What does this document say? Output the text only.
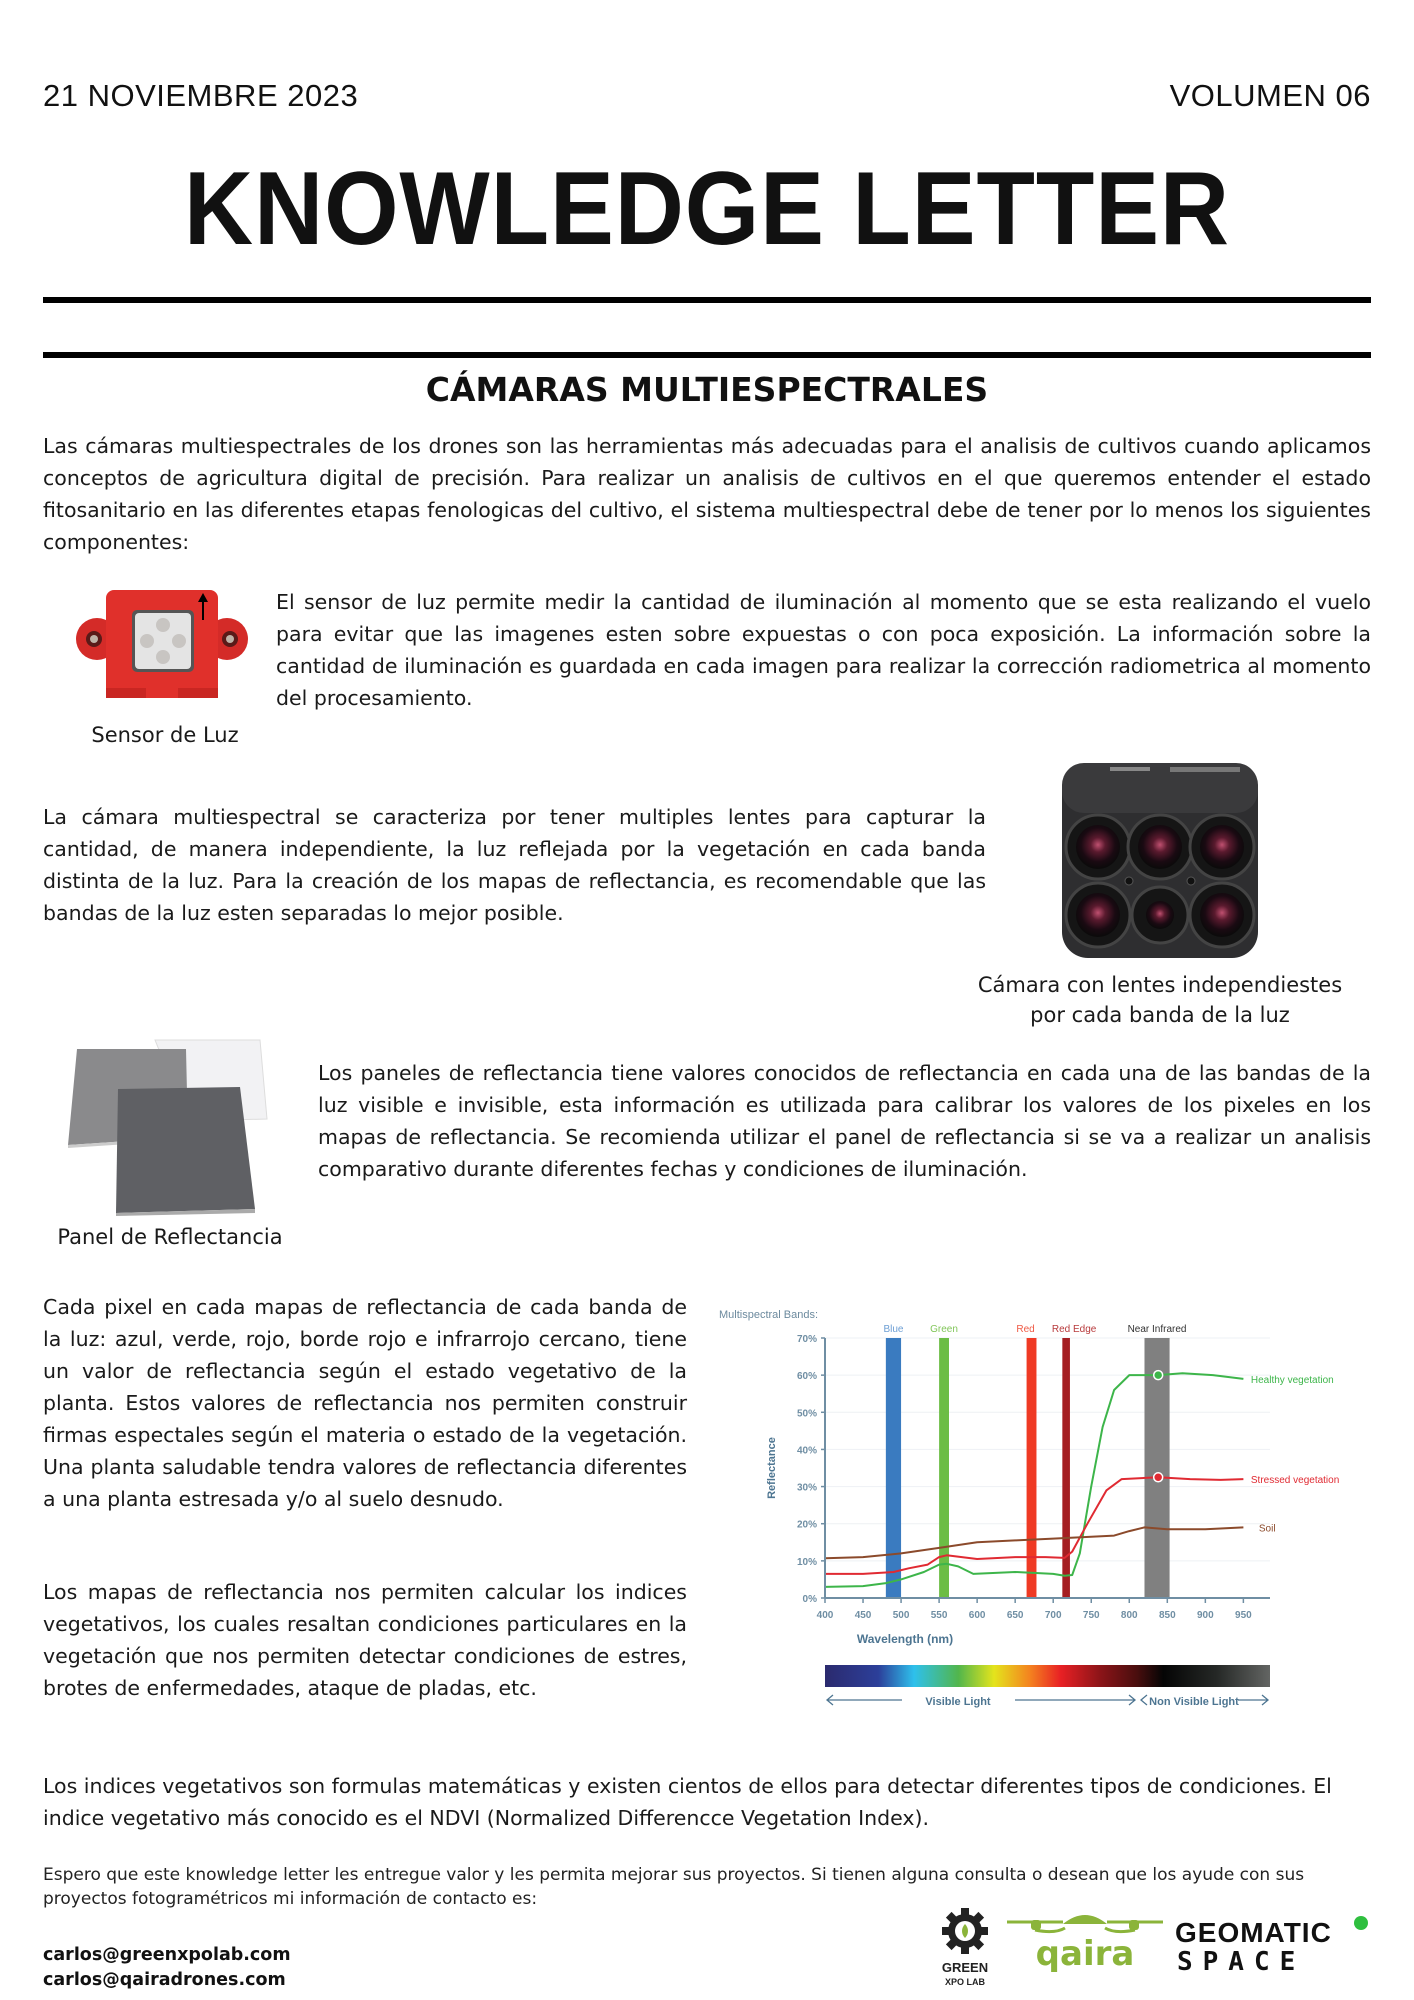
21 NOVIEMBRE 2023	VOLUMEN 06
KNOWLEDGE LETTER
CÁMARAS MULTIESPECTRALES
Las cámaras multiespectrales de los drones son las herramientas más adecuadas para el analisis de cultivos cuando aplicamos conceptos de agricultura digital de precisión. Para realizar un analisis de cultivos en el que queremos entender el estado fitosanitario en las diferentes etapas fenologicas del cultivo, el sistema multiespectral debe de tener por lo menos los siguientes componentes:
Sensor de Luz
El sensor de luz permite medir la cantidad de iluminación al momento que se esta realizando el vuelo para evitar que las imagenes esten sobre expuestas o con poca exposición. La información sobre la cantidad de iluminación es guardada en cada imagen para realizar la corrección radiometrica al momento del procesamiento.
La cámara multiespectral se caracteriza por tener multiples lentes para capturar la cantidad, de manera independiente, la luz reflejada por la vegetación en cada banda distinta de la luz. Para la creación de los mapas de reflectancia, es recomendable que las bandas de la luz esten separadas lo mejor posible.
Cámara con lentes independiestes
por cada banda de la luz
Panel de Reflectancia
Los paneles de reflectancia tiene valores conocidos de reflectancia en cada una de las bandas de la luz visible e invisible, esta información es utilizada para calibrar los valores de los pixeles en los mapas de reflectancia. Se recomienda utilizar el panel de reflectancia si se va a realizar un analisis comparativo durante diferentes fechas y condiciones de iluminación.
Cada pixel en cada mapas de reflectancia de cada banda de la luz: azul, verde, rojo, borde rojo e infrarrojo cercano, tiene un valor de reflectancia según el estado vegetativo de la planta. Estos valores de reflectancia nos permiten construir firmas espectales según el materia o estado de la vegetación. Una planta saludable tendra valores de reflectancia diferentes a una planta estresada y/o al suelo desnudo.
Los mapas de reflectancia nos permiten calcular los indices vegetativos, los cuales resaltan condiciones particulares en la vegetación que nos permiten detectar condiciones de estres, brotes de enfermedades, ataque de pladas, etc.
Multispectral Bands:
Blue	Green	Red Red Edge	Near Infrared
Healthy vegetation
Stressed vegetation
Soil
0%
10%
20%
30%
40%
50%
60%
70%
400 450 500 550 600 650 700 750 800 850 900 950
Reflectance
Wavelength (nm)
Visible Light	Non Visible Light
Los indices vegetativos son formulas matemáticas y existen cientos de ellos para detectar diferentes tipos de condiciones. El indice vegetativo más conocido es el NDVI (Normalized Differencce Vegetation Index).
Espero que este knowledge letter les entregue valor y les permita mejorar sus proyectos. Si tienen alguna consulta o desean que los ayude con sus proyectos fotogramétricos mi información de contacto es:
carlos@greenxpolab.com
carlos@qairadrones.com
GREEN
XPO LAB
qaira
GEOMATIC
SPACE
